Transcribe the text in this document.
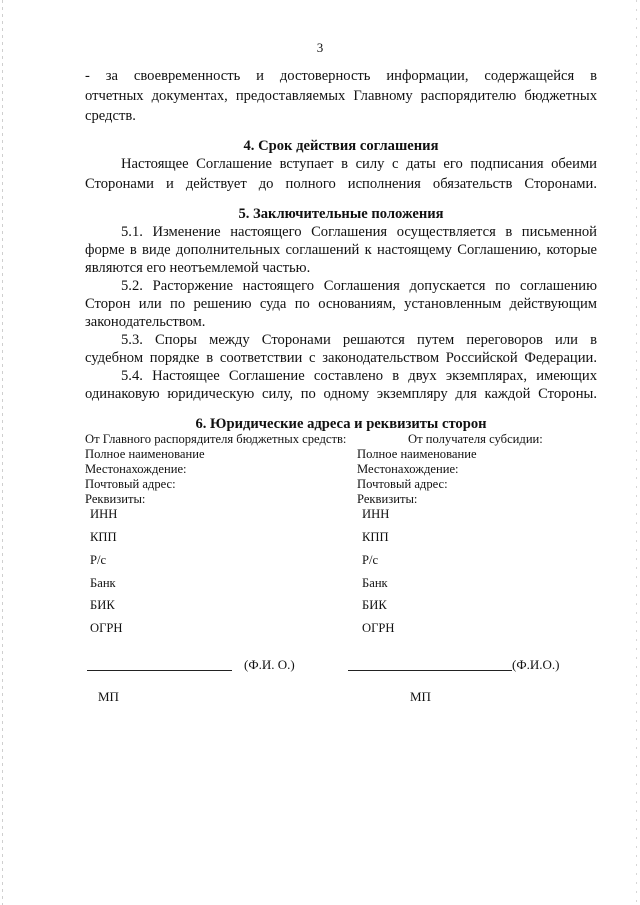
3

- за своевременность и достоверность информации, содержащейся в

отчетных документах, предоставляемых Главному распорядителю бюджетных

средств.

4. Срок действия соглашения

Настоящее Соглашение вступает в силу с даты его подписания обеими

Сторонами и действует до полного исполнения обязательств Сторонами.

5. Заключительные положения

5.1. Изменение настоящего Соглашения осуществляется в письменной

форме в виде дополнительных соглашений к настоящему Соглашению, которые

являются его неотъемлемой частью.

5.2. Расторжение настоящего Соглашения допускается по соглашению

Сторон или по решению суда по основаниям, установленным действующим

законодательством.

5.3. Споры между Сторонами решаются путем переговоров или в

судебном порядке в соответствии с законодательством Российской Федерации.

5.4. Настоящее Соглашение составлено в двух экземплярах, имеющих

одинаковую юридическую силу, по одному экземпляру для каждой Стороны.

6. Юридические адреса и реквизиты сторон

От Главного распорядителя бюджетных средств:
Полное наименование
Местонахождение:
Почтовый адрес:
Реквизиты:
ИНН
КПП
Р/с
Банк
БИК
ОГРН
От получателя субсидии:
Полное наименование
Местонахождение:
Почтовый адрес:
Реквизиты:
ИНН
КПП
Р/с
Банк
БИК
ОГРН
(Ф.И. О.)	(Ф.И.О.)
МП	МП
